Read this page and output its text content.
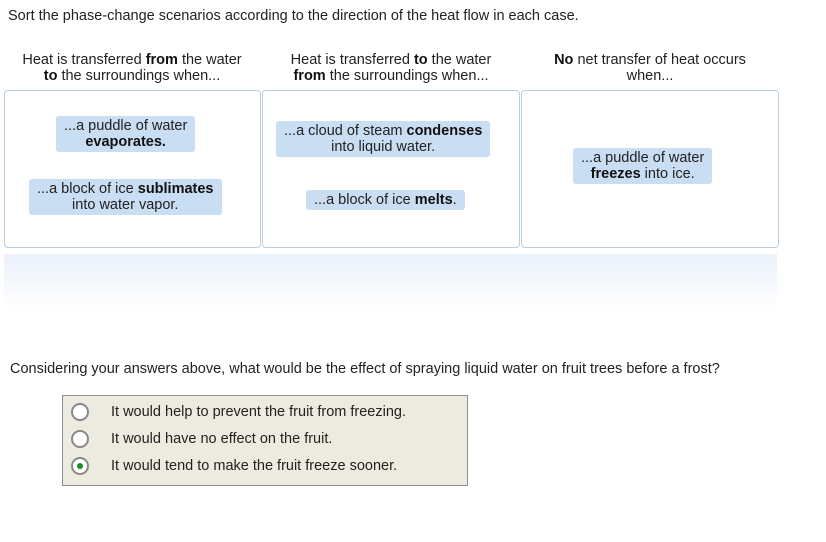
Sort the phase-change scenarios according to the direction of the heat flow in each case.
Heat is transferred from the water
to the surroundings when...
Heat is transferred to the water
from the surroundings when...
No net transfer of heat occurs
when...
...a puddle of water
evaporates.
...a block of ice sublimates
into water vapor.
...a cloud of steam condenses
into liquid water.
...a block of ice melts.
...a puddle of water
freezes into ice.
Considering your answers above, what would be the effect of spraying liquid water on fruit trees before a frost?
It would help to prevent the fruit from freezing.
It would have no effect on the fruit.
It would tend to make the fruit freeze sooner.
